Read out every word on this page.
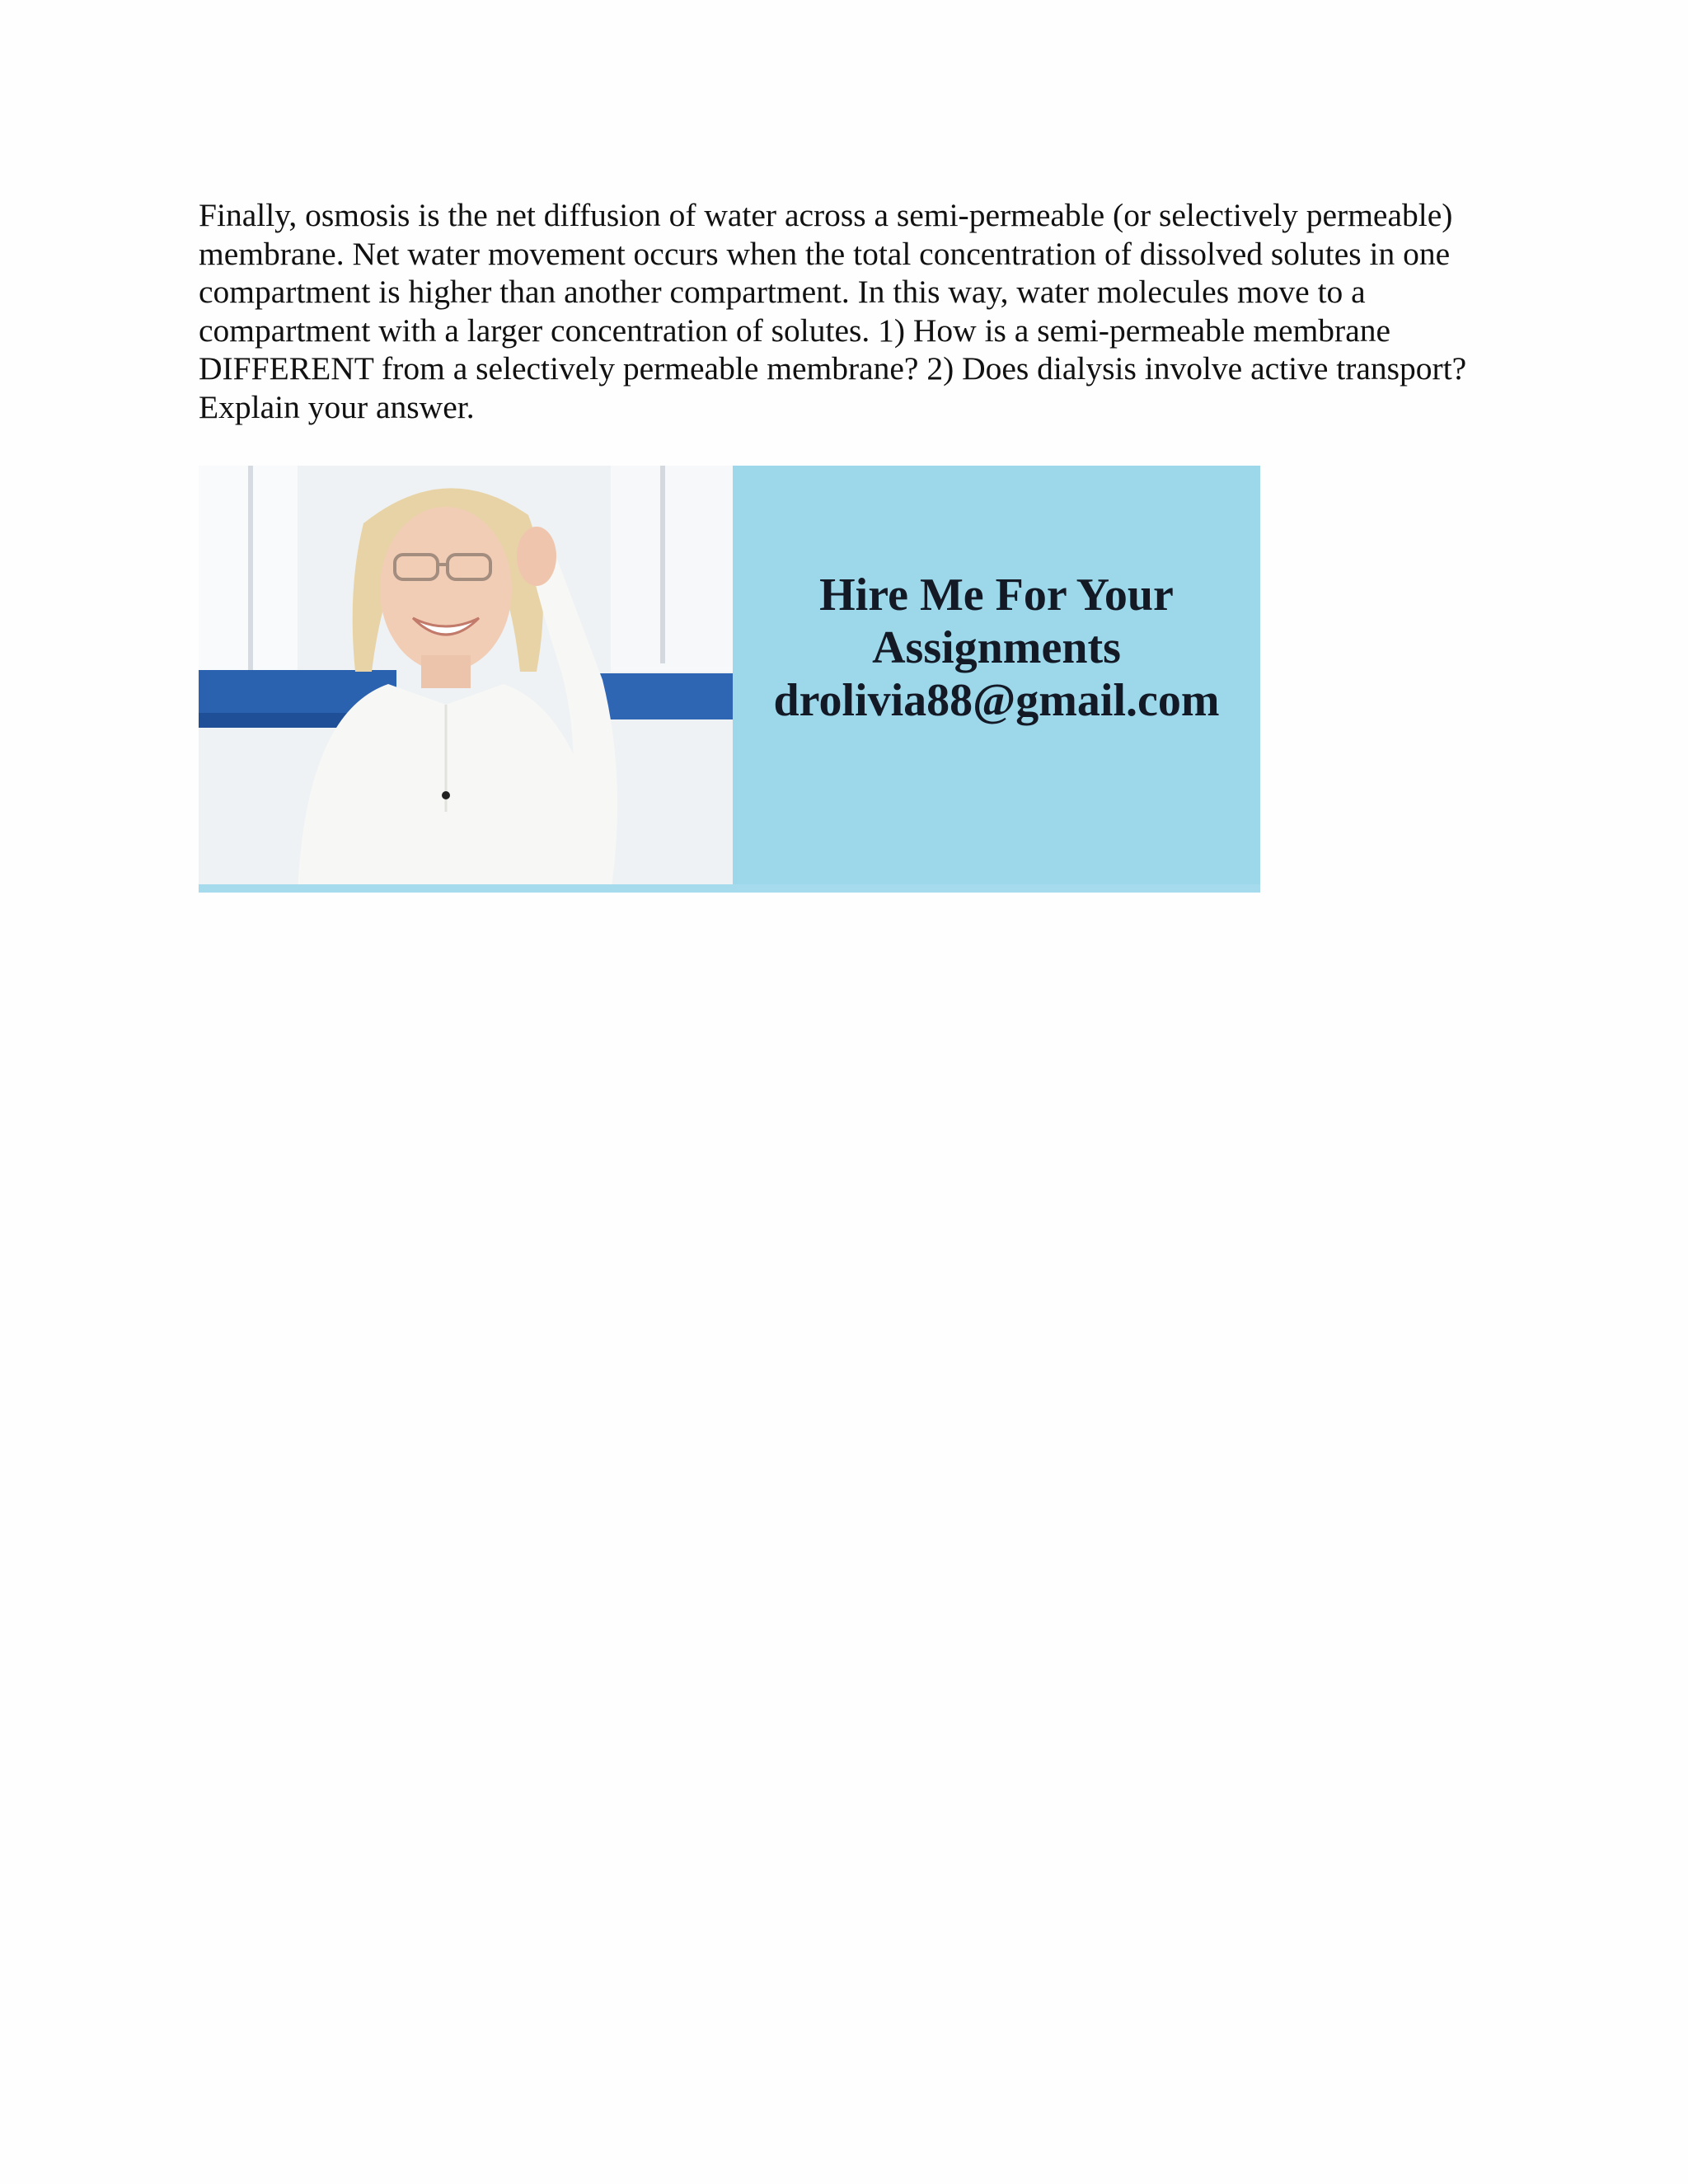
Finally, osmosis is the net diffusion of water across a semi-permeable (or selectively permeable) membrane. Net water movement occurs when the total concentration of dissolved solutes in one compartment is higher than another compartment. In this way, water molecules move to a compartment with a larger concentration of solutes. 1) How is a semi-permeable membrane DIFFERENT from a selectively permeable membrane? 2) Does dialysis involve active transport? Explain your answer.

Hire Me For Your
Assignments
drolivia88@gmail.com
